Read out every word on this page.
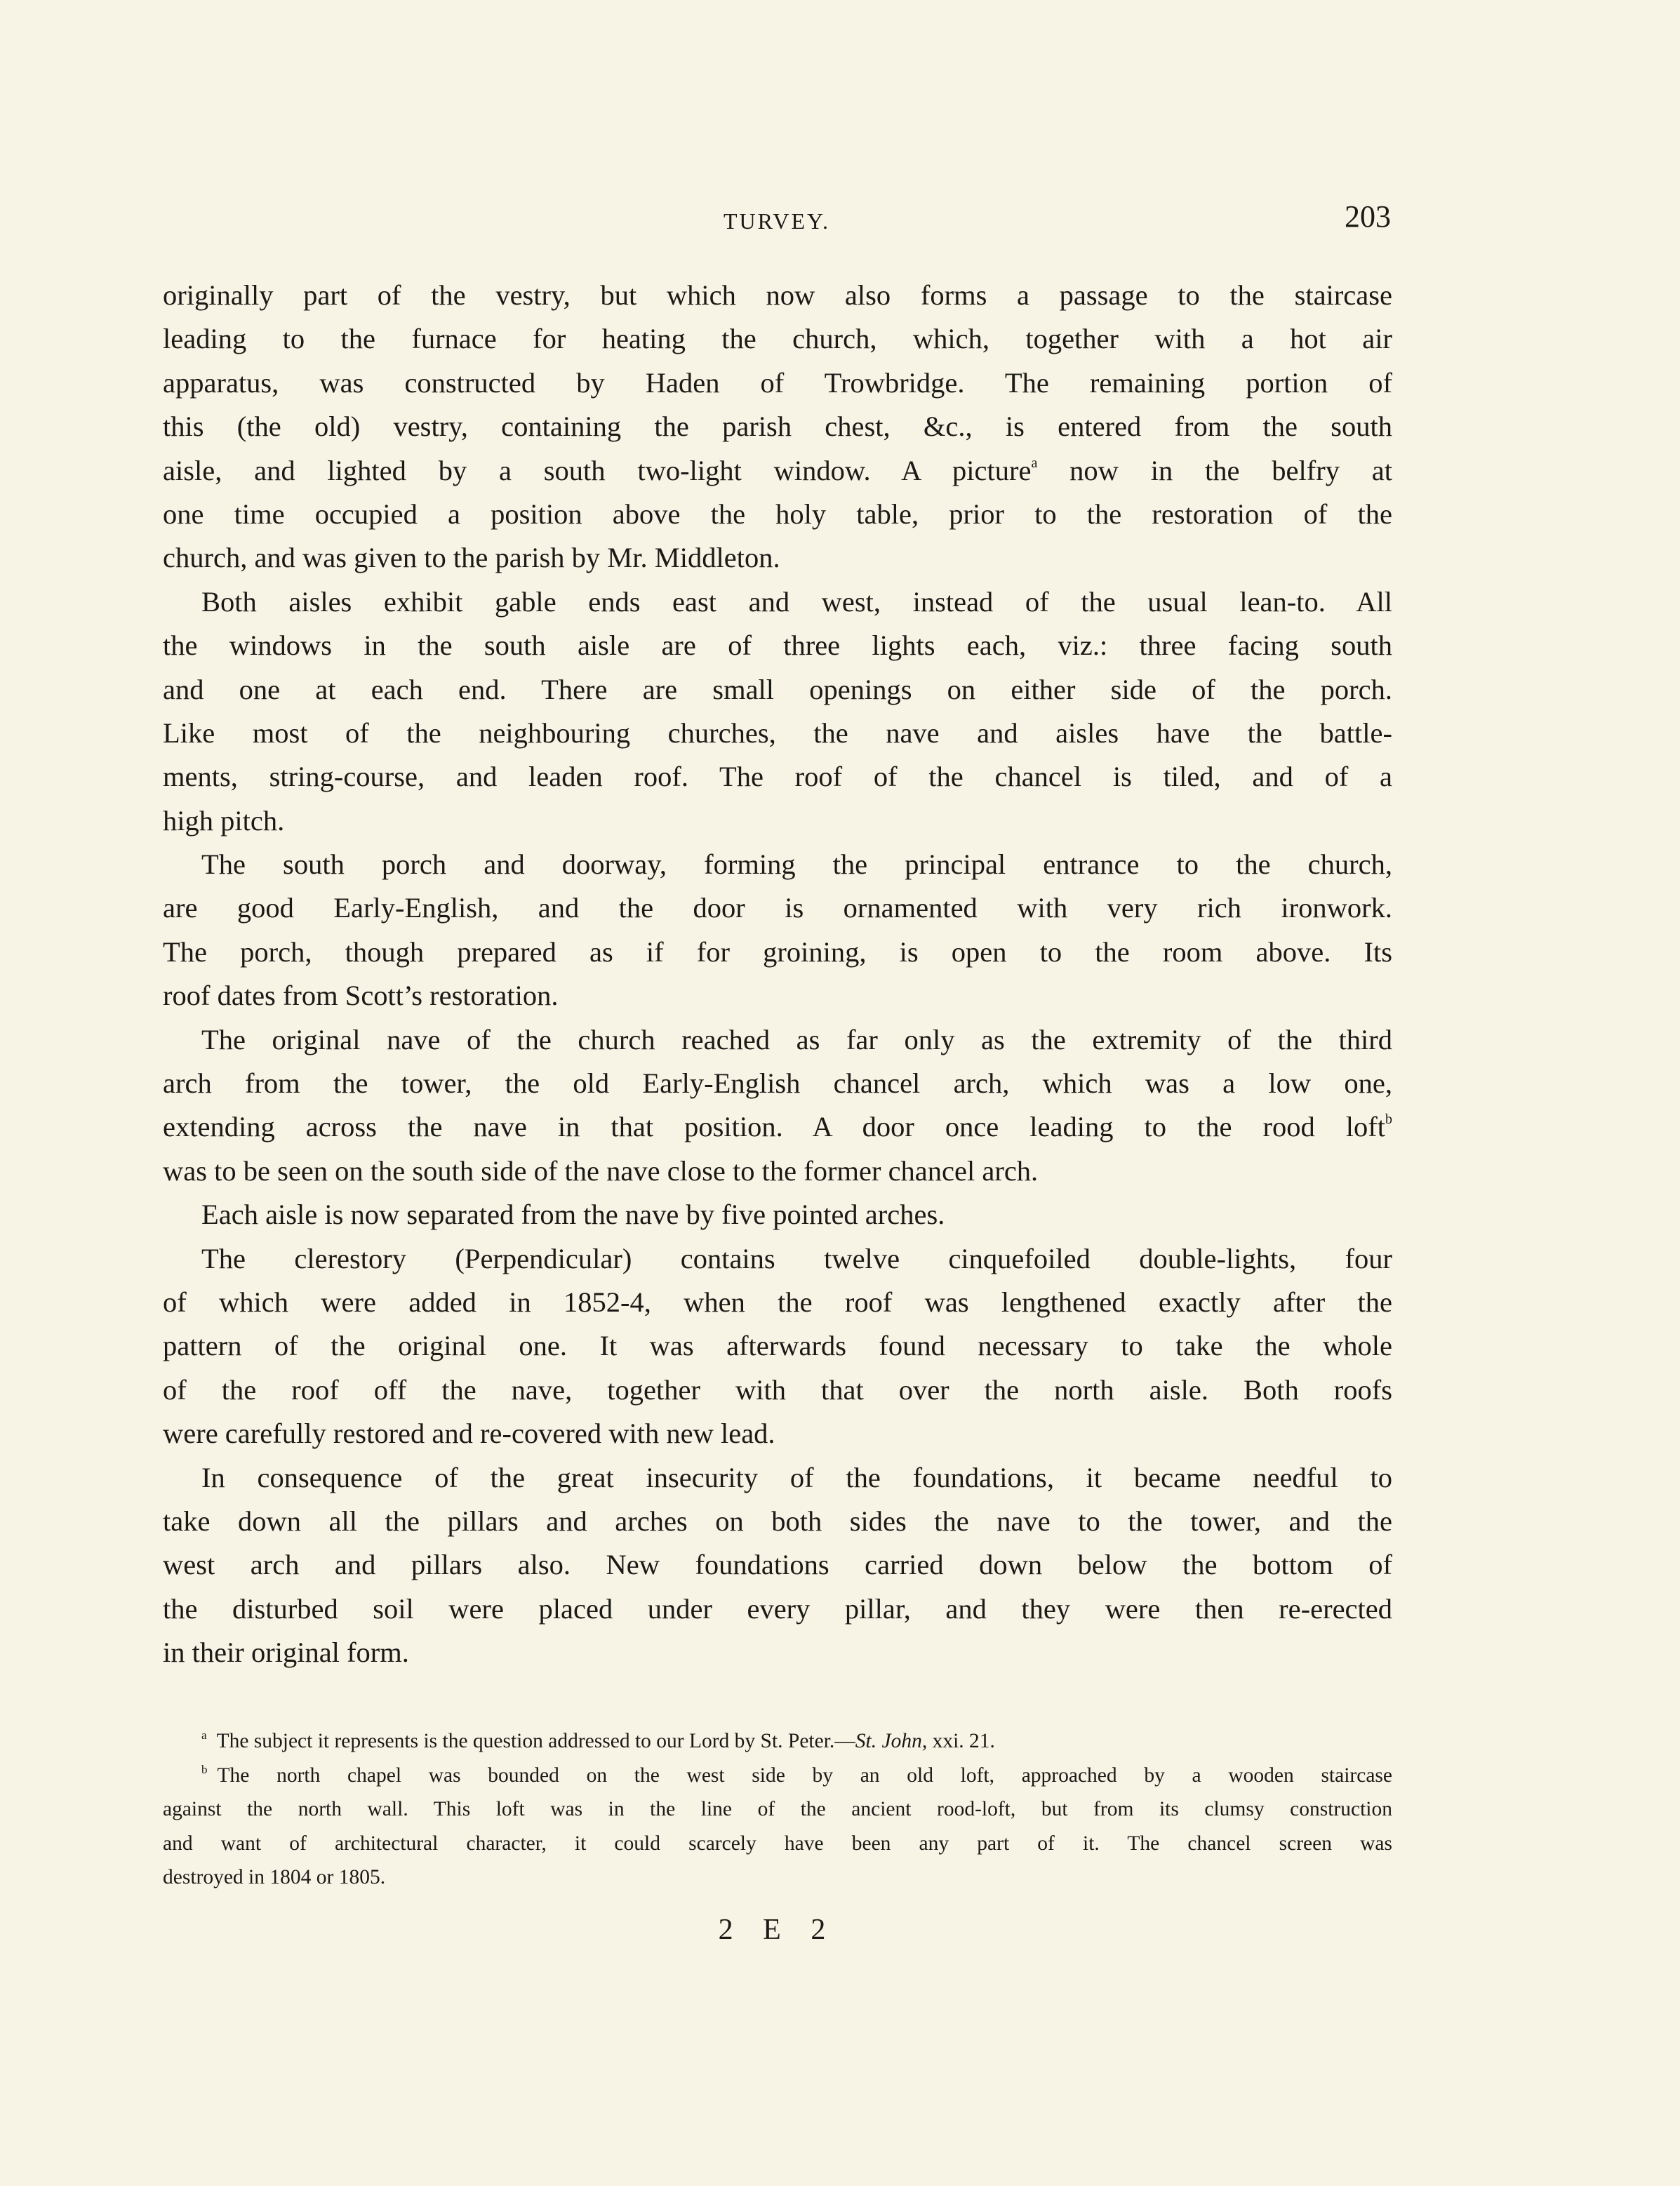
TURVEY.	203
originally part of the vestry, but which now also forms a passage to the staircase
leading to the furnace for heating the church, which, together with a hot air
apparatus, was constructed by Haden of Trowbridge. The remaining portion of
this (the old) vestry, containing the parish chest, &c., is entered from the south
aisle, and lighted by a south two-light window. A picture$^a$ now in the belfry at
one time occupied a position above the holy table, prior to the restoration of the
church, and was given to the parish by Mr. Middleton.
Both aisles exhibit gable ends east and west, instead of the usual lean-to. All
the windows in the south aisle are of three lights each, viz.: three facing south
and one at each end. There are small openings on either side of the porch.
Like most of the neighbouring churches, the nave and aisles have the battle-
ments, string-course, and leaden roof. The roof of the chancel is tiled, and of a
high pitch.
The south porch and doorway, forming the principal entrance to the church,
are good Early-English, and the door is ornamented with very rich ironwork.
The porch, though prepared as if for groining, is open to the room above. Its
roof dates from Scott’s restoration.
The original nave of the church reached as far only as the extremity of the third
arch from the tower, the old Early-English chancel arch, which was a low one,
extending across the nave in that position. A door once leading to the rood loft$^b$
was to be seen on the south side of the nave close to the former chancel arch.
Each aisle is now separated from the nave by five pointed arches.
The clerestory (Perpendicular) contains twelve cinquefoiled double-lights, four
of which were added in 1852-4, when the roof was lengthened exactly after the
pattern of the original one. It was afterwards found necessary to take the whole
of the roof off the nave, together with that over the north aisle. Both roofs
were carefully restored and re-covered with new lead.
In consequence of the great insecurity of the foundations, it became needful to
take down all the pillars and arches on both sides the nave to the tower, and the
west arch and pillars also. New foundations carried down below the bottom of
the disturbed soil were placed under every pillar, and they were then re-erected
in their original form.
$^a$ The subject it represents is the question addressed to our Lord by St. Peter.—St. John, xxi. 21.
$^b$ The north chapel was bounded on the west side by an old loft, approached by a wooden staircase
against the north wall. This loft was in the line of the ancient rood-loft, but from its clumsy construction
and want of architectural character, it could scarcely have been any part of it. The chancel screen was
destroyed in 1804 or 1805.
2 E 2
